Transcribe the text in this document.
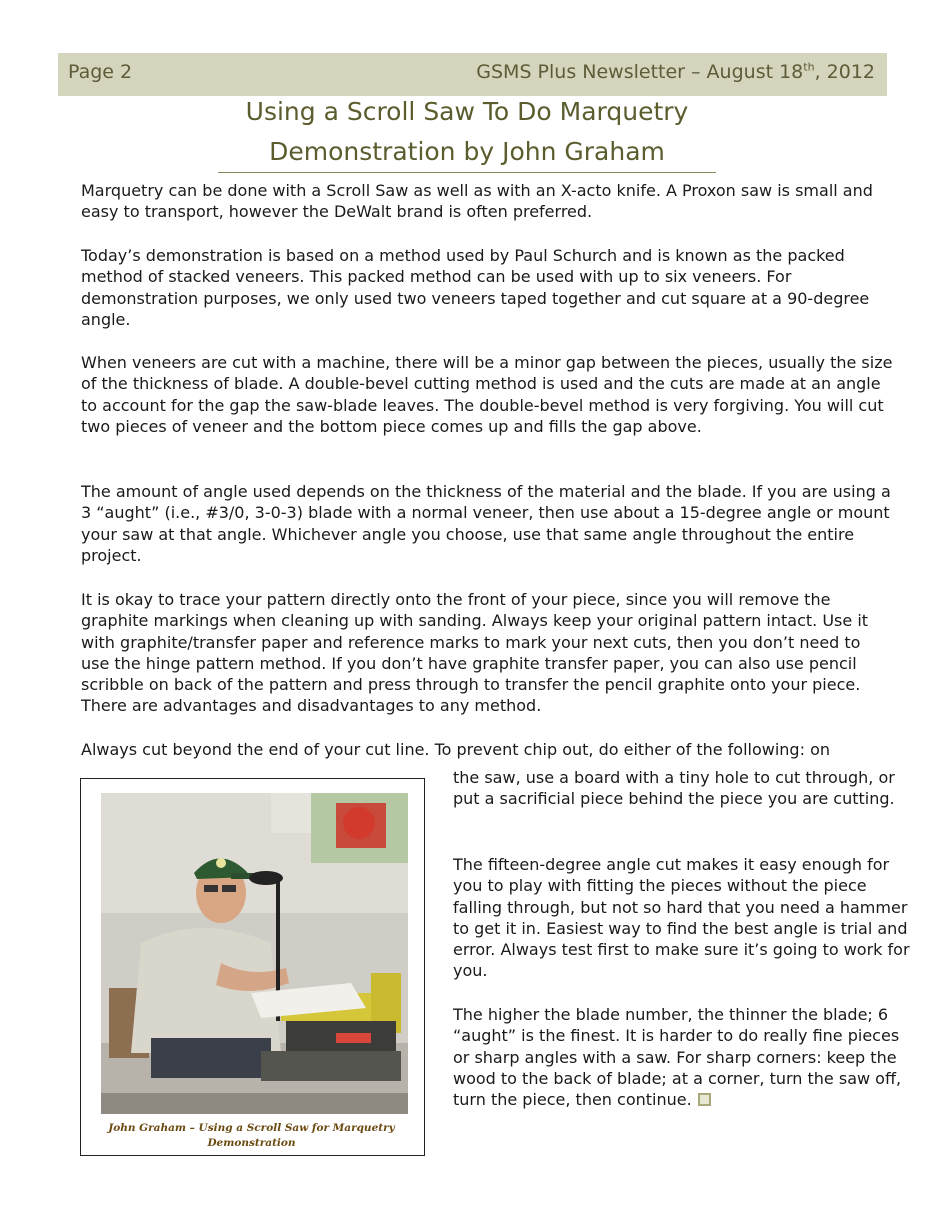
Page 2	GSMS Plus Newsletter – August 18th, 2012
Using a Scroll Saw To Do Marquetry
Demonstration by John Graham

Marquetry can be done with a Scroll Saw as well as with an X-acto knife. A Proxon saw is small and easy to transport, however the DeWalt brand is often preferred.

Today’s demonstration is based on a method used by Paul Schurch and is known as the packed method of stacked veneers. This packed method can be used with up to six veneers. For demonstration purposes, we only used two veneers taped together and cut square at a 90-degree angle.

When veneers are cut with a machine, there will be a minor gap between the pieces, usually the size of the thickness of blade. A double-bevel cutting method is used and the cuts are made at an angle to account for the gap the saw-blade leaves. The double-bevel method is very forgiving. You will cut two pieces of veneer and the bottom piece comes up and fills the gap above.

The amount of angle used depends on the thickness of the material and the blade. If you are using a 3 “aught” (i.e., #3/0, 3-0-3) blade with a normal veneer, then use about a 15-degree angle or mount your saw at that angle. Whichever angle you choose, use that same angle throughout the entire project.

It is okay to trace your pattern directly onto the front of your piece, since you will remove the graphite markings when cleaning up with sanding. Always keep your original pattern intact. Use it with graphite/transfer paper and reference marks to mark your next cuts, then you don’t need to use the hinge pattern method. If you don’t have graphite transfer paper, you can also use pencil scribble on back of the pattern and press through to transfer the pencil graphite onto your piece. There are advantages and disadvantages to any method.

Always cut beyond the end of your cut line. To prevent chip out, do either of the following: on

the saw, use a board with a tiny hole to cut through, or put a sacrificial piece behind the piece you are cutting.

The fifteen-degree angle cut makes it easy enough for you to play with fitting the pieces without the piece falling through, but not so hard that you need a hammer to get it in. Easiest way to find the best angle is trial and error. Always test first to make sure it’s going to work for you.

The higher the blade number, the thinner the blade; 6 “aught” is the finest. It is harder to do really fine pieces or sharp angles with a saw. For sharp corners: keep the wood to the back of blade; at a corner, turn the saw off, turn the piece, then continue.

John Graham – Using a Scroll Saw for Marquetry
Demonstration
